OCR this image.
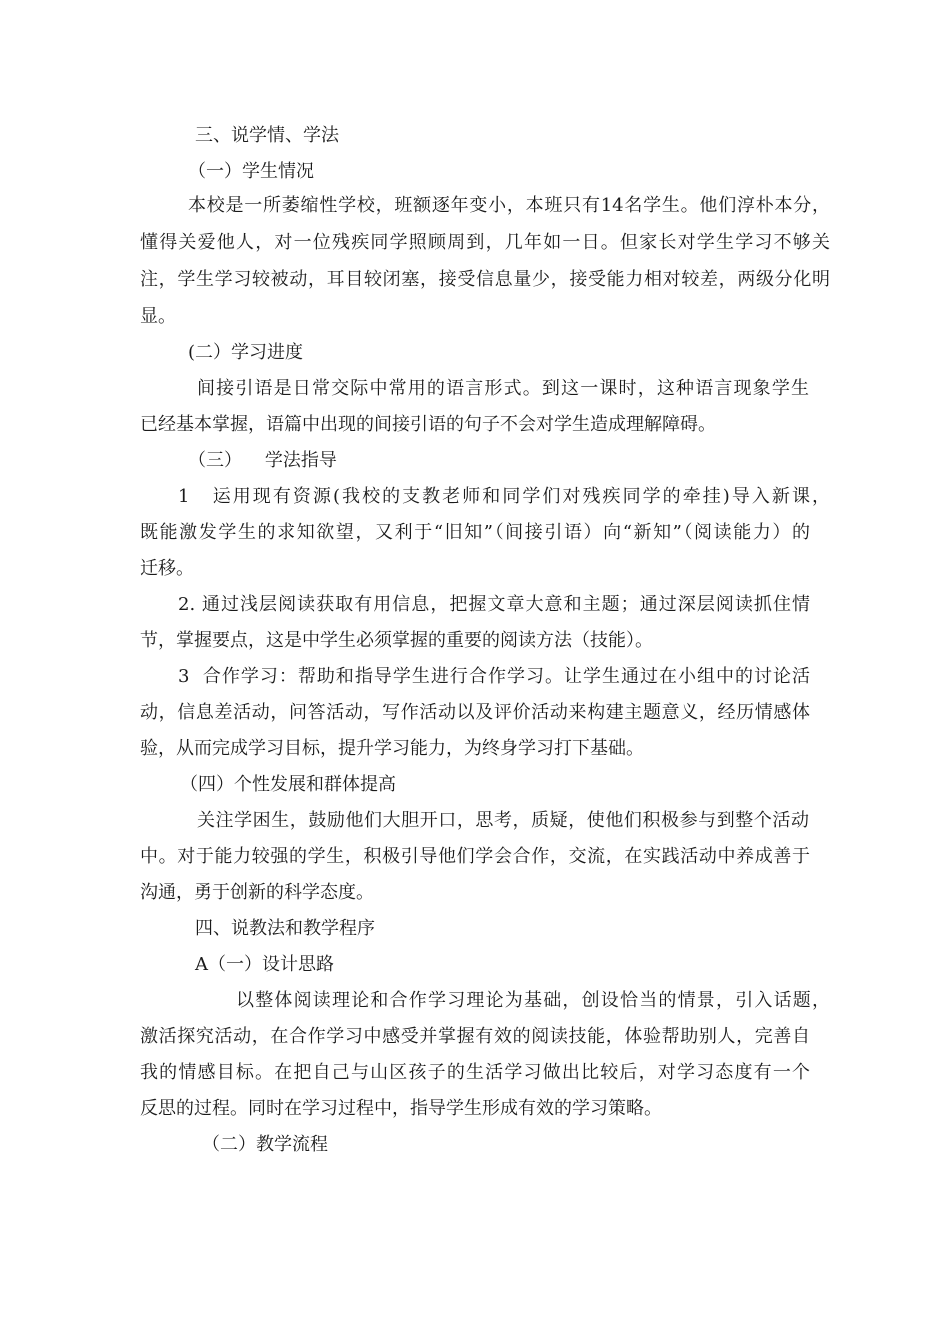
三、说学情、学法
（一）学生情况
本校是一所萎缩性学校，班额逐年变小，本班只有14名学生。他们淳朴本分，
懂得关爱他人，对一位残疾同学照顾周到，几年如一日。但家长对学生学习不够关
注，学生学习较被动，耳目较闭塞，接受信息量少，接受能力相对较差，两级分化明
显。
(二）学习进度
间接引语是日常交际中常用的语言形式。到这一课时，这种语言现象学生
已经基本掌握，语篇中出现的间接引语的句子不会对学生造成理解障碍。
（三）    学法指导
1   运用现有资源(我校的支教老师和同学们对残疾同学的牵挂)导入新课，
既能激发学生的求知欲望，又利于“旧知”（间接引语）向“新知”（阅读能力）的
迁移。
2. 通过浅层阅读获取有用信息，把握文章大意和主题；通过深层阅读抓住情
节，掌握要点，这是中学生必须掌握的重要的阅读方法（技能）。
3  合作学习：帮助和指导学生进行合作学习。让学生通过在小组中的讨论活
动，信息差活动，问答活动，写作活动以及评价活动来构建主题意义，经历情感体
验，从而完成学习目标，提升学习能力，为终身学习打下基础。
（四）个性发展和群体提高
关注学困生，鼓励他们大胆开口，思考，质疑，使他们积极参与到整个活动
中。对于能力较强的学生，积极引导他们学会合作，交流，在实践活动中养成善于
沟通，勇于创新的科学态度。
四、说教法和教学程序
A（一）设计思路
以整体阅读理论和合作学习理论为基础，创设恰当的情景，引入话题，
激活探究活动，在合作学习中感受并掌握有效的阅读技能，体验帮助别人，完善自
我的情感目标。在把自己与山区孩子的生活学习做出比较后，对学习态度有一个
反思的过程。同时在学习过程中，指导学生形成有效的学习策略。
（二）教学流程
